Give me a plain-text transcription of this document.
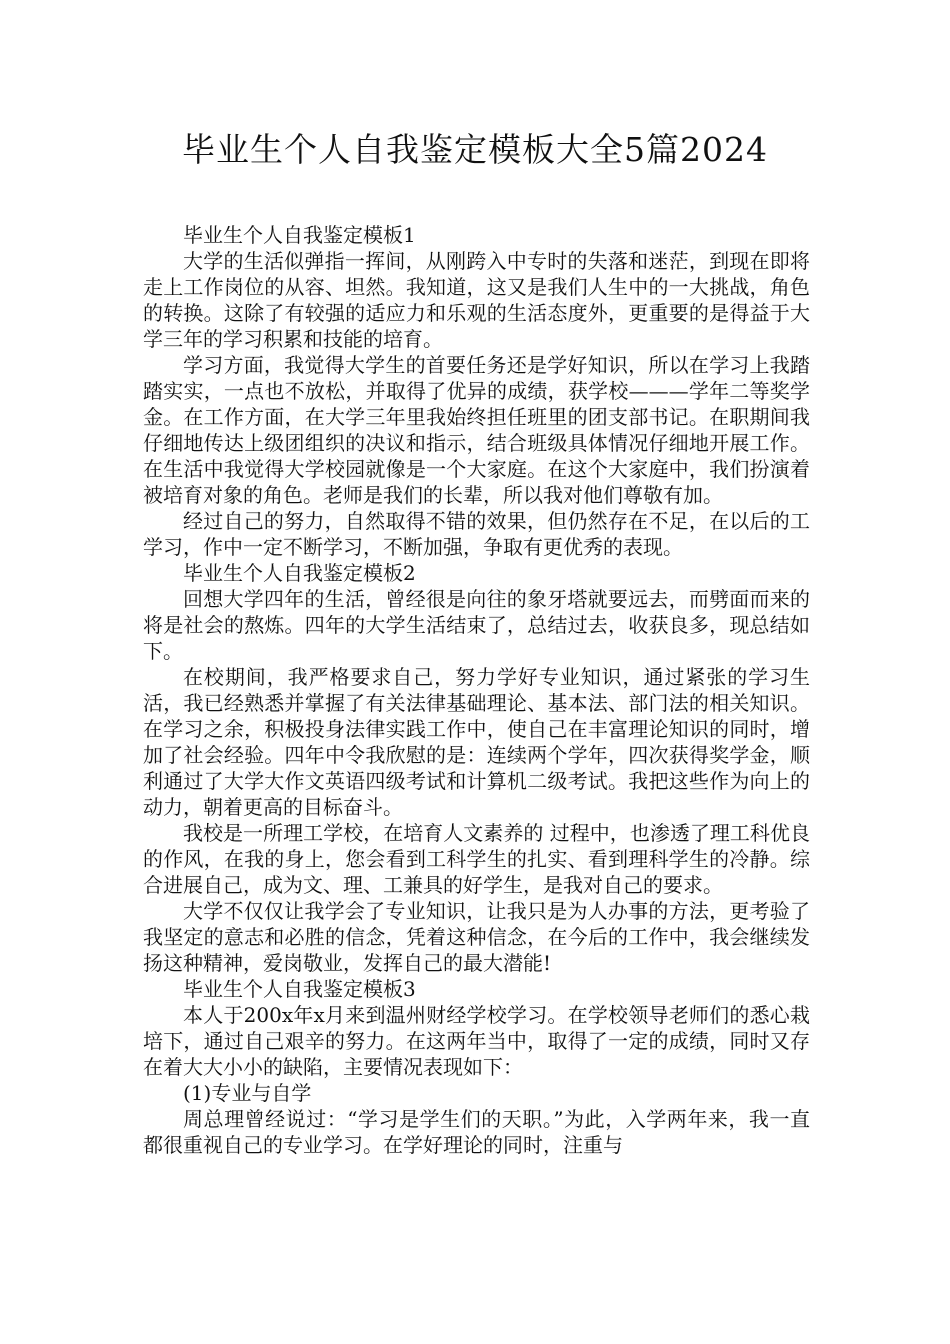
毕业生个人自我鉴定模板大全5篇2024

毕业生个人自我鉴定模板1

大学的生活似弹指一挥间，从刚跨入中专时的失落和迷茫，到现在即将走上工作岗位的从容、坦然。我知道，这又是我们人生中的一大挑战，角色的转换。这除了有较强的适应力和乐观的生活态度外，更重要的是得益于大学三年的学习积累和技能的培育。

学习方面，我觉得大学生的首要任务还是学好知识，所以在学习上我踏踏实实，一点也不放松，并取得了优异的成绩，获学校———学年二等奖学金。在工作方面，在大学三年里我始终担任班里的团支部书记。在职期间我仔细地传达上级团组织的决议和指示，结合班级具体情况仔细地开展工作。在生活中我觉得大学校园就像是一个大家庭。在这个大家庭中，我们扮演着被培育对象的角色。老师是我们的长辈，所以我对他们尊敬有加。

经过自己的努力，自然取得不错的效果，但仍然存在不足，在以后的工学习，作中一定不断学习，不断加强，争取有更优秀的表现。

毕业生个人自我鉴定模板2

回想大学四年的生活，曾经很是向往的象牙塔就要远去，而劈面而来的将是社会的熬炼。四年的大学生活结束了，总结过去，收获良多，现总结如下。

在校期间，我严格要求自己，努力学好专业知识，通过紧张的学习生活，我已经熟悉并掌握了有关法律基础理论、基本法、部门法的相关知识。在学习之余，积极投身法律实践工作中，使自己在丰富理论知识的同时，增加了社会经验。四年中令我欣慰的是：连续两个学年，四次获得奖学金，顺利通过了大学大作文英语四级考试和计算机二级考试。我把这些作为向上的动力，朝着更高的目标奋斗。

我校是一所理工学校，在培育人文素养的 过程中，也渗透了理工科优良的作风，在我的身上，您会看到工科学生的扎实、看到理科学生的冷静。综合进展自己，成为文、理、工兼具的好学生，是我对自己的要求。

大学不仅仅让我学会了专业知识，让我只是为人办事的方法，更考验了我坚定的意志和必胜的信念，凭着这种信念，在今后的工作中，我会继续发扬这种精神，爱岗敬业，发挥自己的最大潜能!

毕业生个人自我鉴定模板3

本人于200x年x月来到温州财经学校学习。在学校领导老师们的悉心栽培下，通过自己艰辛的努力。在这两年当中，取得了一定的成绩，同时又存在着大大小小的缺陷，主要情况表现如下：

(1)专业与自学

周总理曾经说过：“学习是学生们的天职。”为此，入学两年来，我一直都很重视自己的专业学习。在学好理论的同时，注重与
